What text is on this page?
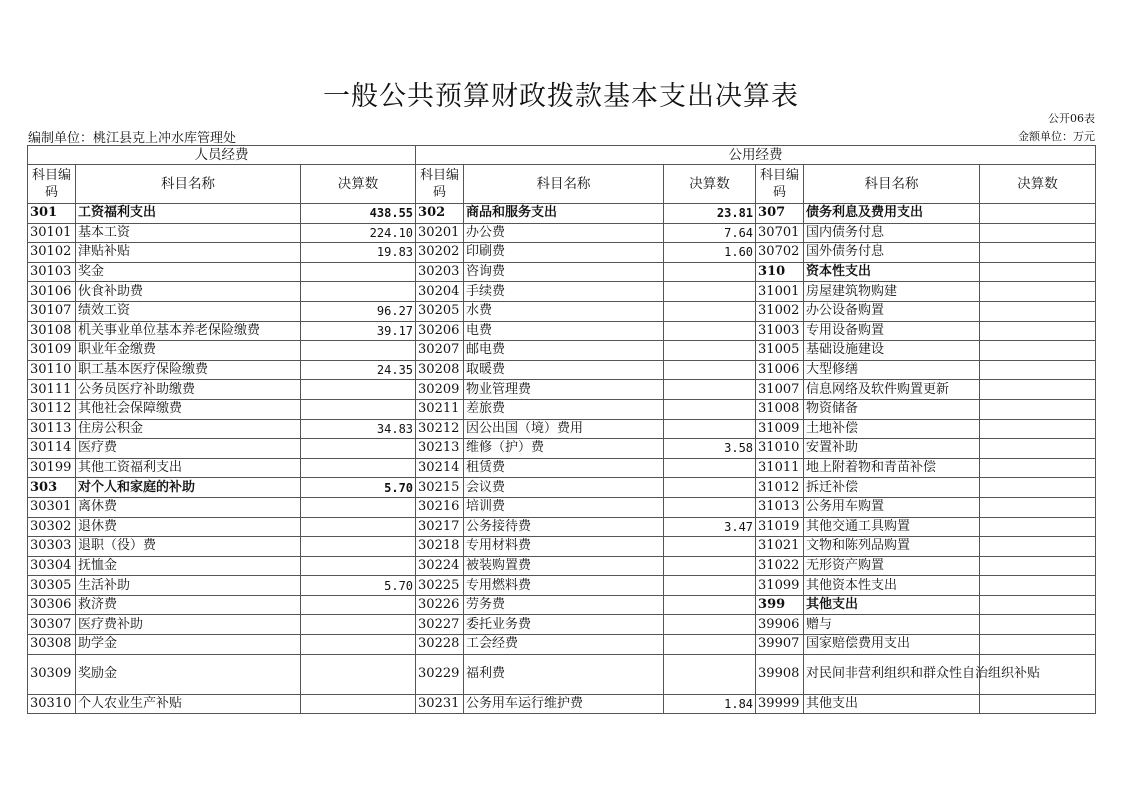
一般公共预算财政拨款基本支出决算表
公开06表
编制单位：桃江县克上冲水库管理处	金额单位：万元
人员经费			公用经费					
科目编码	科目名称	决算数	科目编码	科目名称	决算数	科目编码	科目名称	决算数
301	工资福利支出	438.55	302	商品和服务支出	23.81	307	债务利息及费用支出	
30101	基本工资	224.10	30201	办公费	7.64	30701	国内债务付息	
30102	津贴补贴	19.83	30202	印刷费	1.60	30702	国外债务付息	
30103	奖金		30203	咨询费		310	资本性支出	
30106	伙食补助费		30204	手续费		31001	房屋建筑物购建	
30107	绩效工资	96.27	30205	水费		31002	办公设备购置	
30108	机关事业单位基本养老保险缴费	39.17	30206	电费		31003	专用设备购置	
30109	职业年金缴费		30207	邮电费		31005	基础设施建设	
30110	职工基本医疗保险缴费	24.35	30208	取暖费		31006	大型修缮	
30111	公务员医疗补助缴费		30209	物业管理费		31007	信息网络及软件购置更新	
30112	其他社会保障缴费		30211	差旅费		31008	物资储备	
30113	住房公积金	34.83	30212	因公出国（境）费用		31009	土地补偿	
30114	医疗费		30213	维修（护）费	3.58	31010	安置补助	
30199	其他工资福利支出		30214	租赁费		31011	地上附着物和青苗补偿	
303	对个人和家庭的补助	5.70	30215	会议费		31012	拆迁补偿	
30301	离休费		30216	培训费		31013	公务用车购置	
30302	退休费		30217	公务接待费	3.47	31019	其他交通工具购置	
30303	退职（役）费		30218	专用材料费		31021	文物和陈列品购置	
30304	抚恤金		30224	被装购置费		31022	无形资产购置	
30305	生活补助	5.70	30225	专用燃料费		31099	其他资本性支出	
30306	救济费		30226	劳务费		399	其他支出	
30307	医疗费补助		30227	委托业务费		39906	赠与	
30308	助学金		30228	工会经费		39907	国家赔偿费用支出	
30309	奖励金		30229	福利费		39908	对民间非营利组织和群众性自治组织补贴	
30310	个人农业生产补贴		30231	公务用车运行维护费	1.84	39999	其他支出	
